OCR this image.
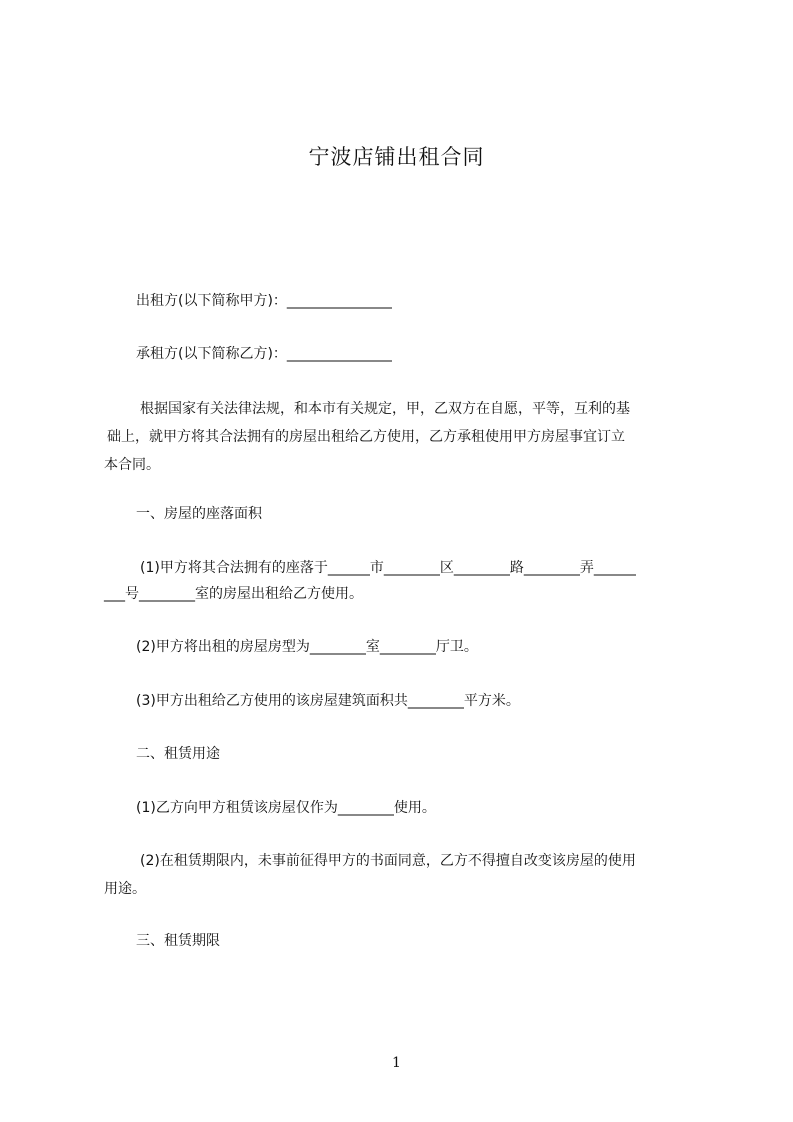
宁波店铺出租合同
出租方(以下简称甲方)：_______________
承租方(以下简称乙方)：_______________
根据国家有关法律法规，和本市有关规定，甲，乙双方在自愿，平等，互利的基
础上，就甲方将其合法拥有的房屋出租给乙方使用，乙方承租使用甲方房屋事宜订立
本合同。
一、房屋的座落面积
(1)甲方将其合法拥有的座落于______市________区________路________弄______
___号________室的房屋出租给乙方使用。
(2)甲方将出租的房屋房型为________室________厅卫。
(3)甲方出租给乙方使用的该房屋建筑面积共________平方米。
二、租赁用途
(1)乙方向甲方租赁该房屋仅作为________使用。
(2)在租赁期限内，未事前征得甲方的书面同意，乙方不得擅自改变该房屋的使用
用途。
三、租赁期限
1
